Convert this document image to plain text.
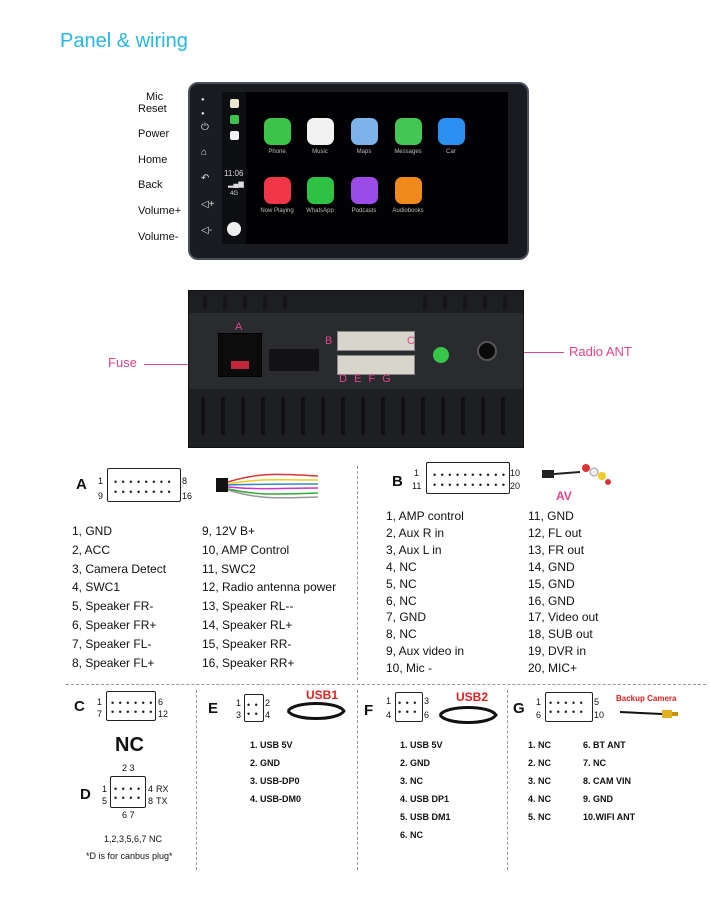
Panel & wiring
Mic
Reset
Power
Home
Back
Volume+
Volume-
●
●
⏻
⌂
↶
◁+
◁-
11:06
▂▄▆
4G
Phone	Music	Maps	Messages	Car
Now Playing	WhatsApp	Podcasts	Audiobooks
Fuse
Radio ANT
A
B	C
D E F G
A 1	8
9	16
• • • • • • • •
• • • • • • • •
1, GND
2, ACC
3, Camera Detect
4, SWC1
5, Speaker FR-
6, Speaker FR+
7, Speaker FL-
8, Speaker FL+
9, 12V B+
10, AMP Control
11, SWC2
12, Radio antenna power
13, Speaker RL--
14, Speaker RL+
15, Speaker RR-
16, Speaker RR+
B 1	10
11	20
• • • • • • • • • •
• • • • • • • • • •
AV
1, AMP control
2, Aux R in
3, Aux L in
4, NC
5, NC
6, NC
7, GND
8, NC
9, Aux video in
10, Mic -
11, GND
12, FL out
13, FR out
14, GND
15, GND
16, GND
17, Video out
18, SUB out
19, DVR in
20, MIC+
C 1	6
7	12
• • • • • •
• • • • • •
NC
D
2 3
1	4
5	8
6 7
RX
TX
• • • •
• • • •
1,2,3,5,6,7 NC
*D is for canbus plug*
E 1	2
3	4
• •
• •
USB1
1. USB 5V
2. GND
3. USB-DP0
4. USB-DM0
F
1	3
4	6
• • •
• • •
USB2
1. USB 5V
2. GND
3. NC
4. USB DP1
5. USB DM1
6. NC
G 1	5
6	10
• • • • •
• • • • •
Backup Camera
1. NC
2. NC
3. NC
4. NC
5. NC
6. BT ANT
7. NC
8. CAM VIN
9. GND
10.WIFI ANT
